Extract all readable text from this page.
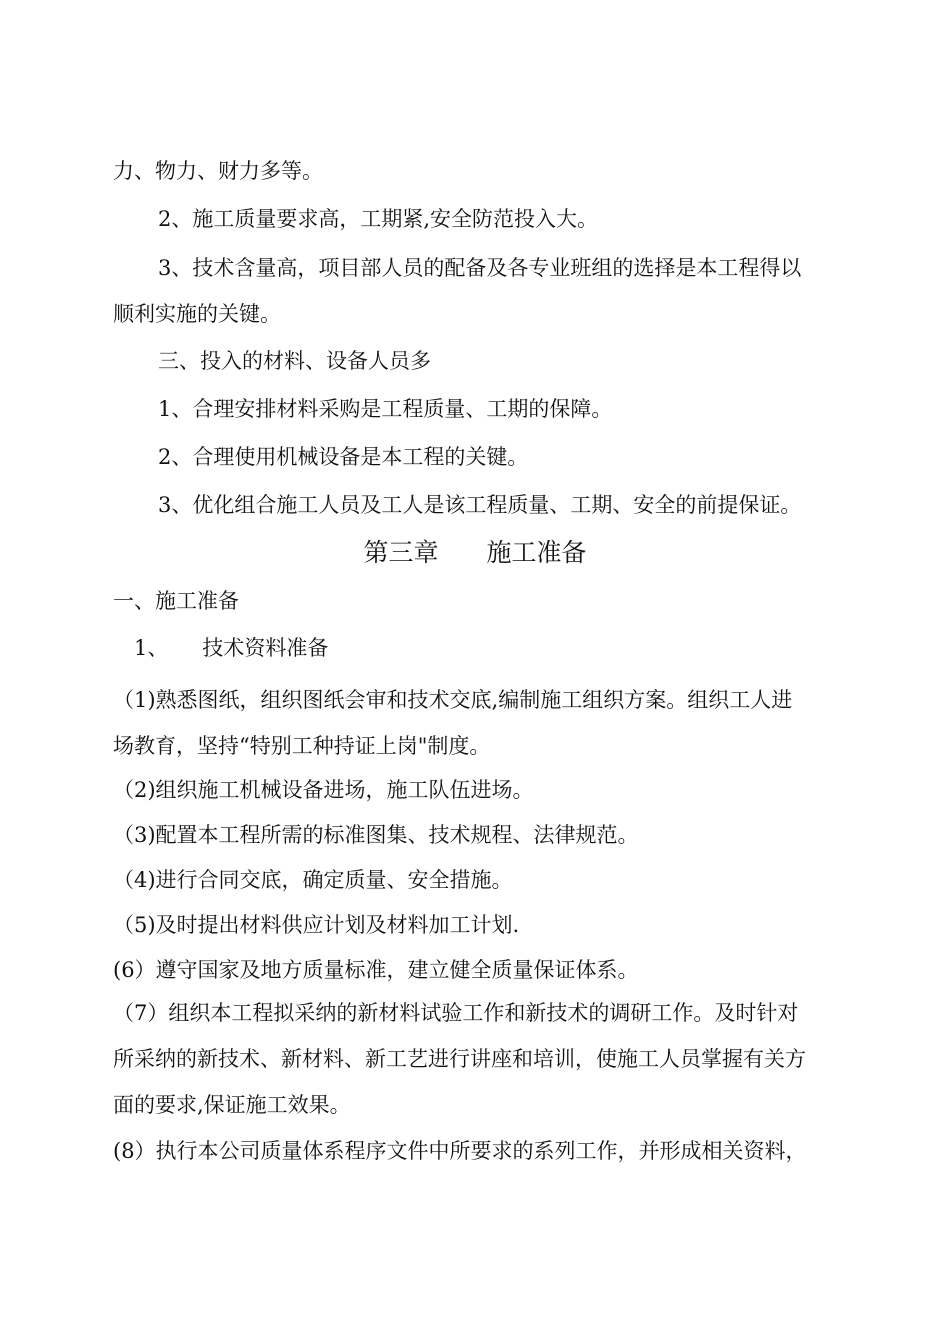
力、物力、财力多等。
2、施工质量要求高，工期紧,安全防范投入大。
3、技术含量高，项目部人员的配备及各专业班组的选择是本工程得以
顺利实施的关键。
三、投入的材料、设备人员多
1、合理安排材料采购是工程质量、工期的保障。
2、合理使用机械设备是本工程的关键。
3、优化组合施工人员及工人是该工程质量、工期、安全的前提保证。
第三章 施工准备
一、施工准备
1、 技术资料准备
（1)熟悉图纸，组织图纸会审和技术交底,编制施工组织方案。组织工人进
场教育，坚持“特别工种持证上岗"制度。
（2)组织施工机械设备进场，施工队伍进场。
（3)配置本工程所需的标准图集、技术规程、法律规范。
（4)进行合同交底，确定质量、安全措施。
（5)及时提出材料供应计划及材料加工计划.
(6）遵守国家及地方质量标准，建立健全质量保证体系。
（7）组织本工程拟采纳的新材料试验工作和新技术的调研工作。及时针对
所采纳的新技术、新材料、新工艺进行讲座和培训，使施工人员掌握有关方
面的要求,保证施工效果。
(8）执行本公司质量体系程序文件中所要求的系列工作，并形成相关资料，
